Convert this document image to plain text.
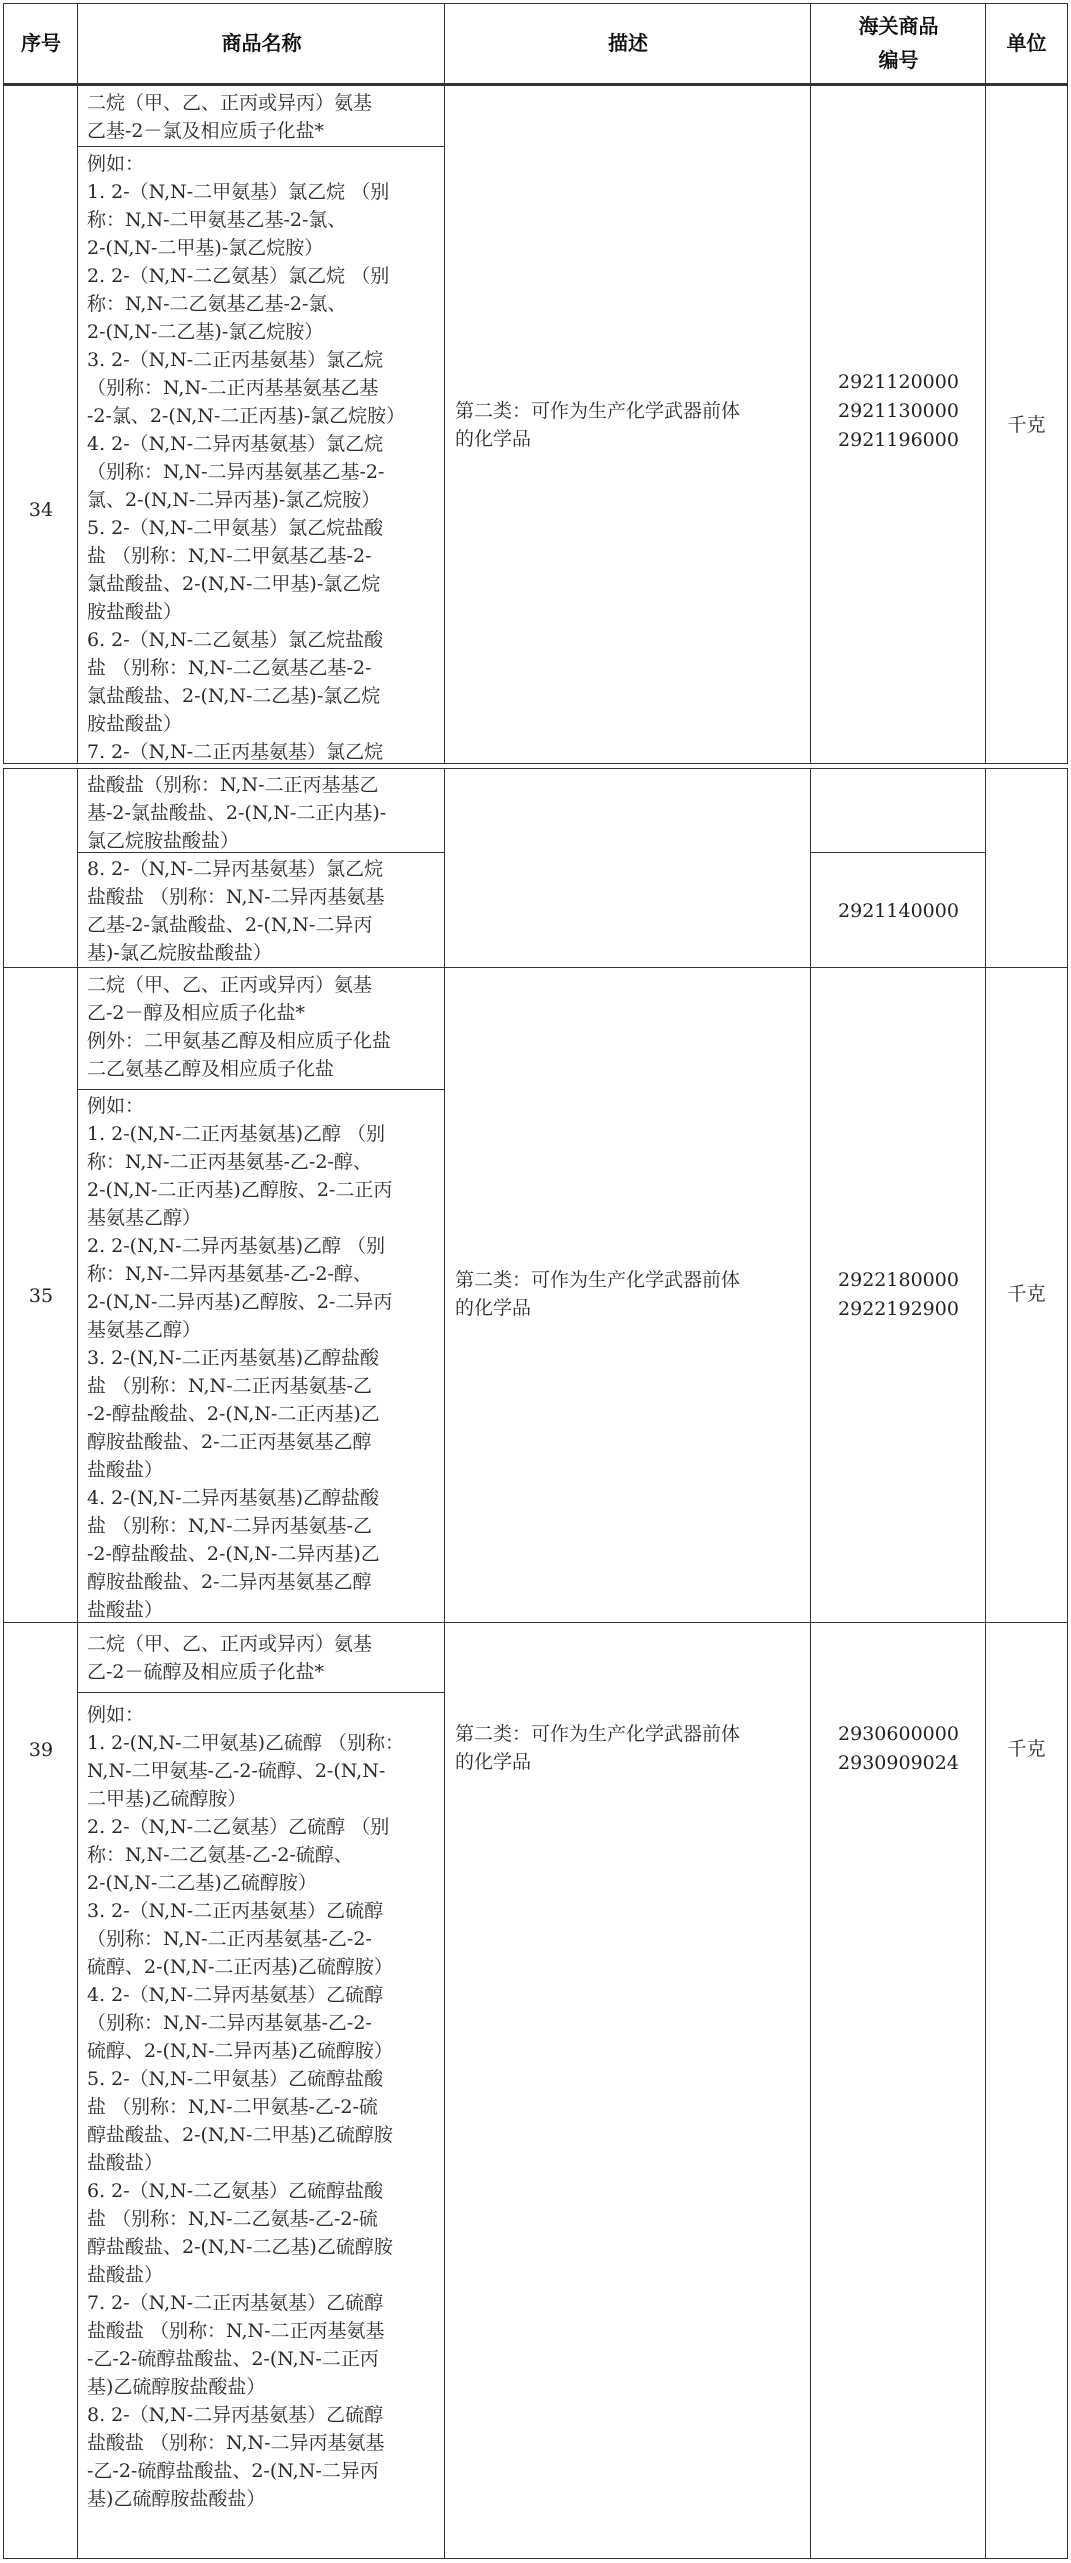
序号	商品名称	描述
海关商品
编号
单位
34
二烷（甲、乙、正丙或异丙）氨基
乙基-2－氯及相应质子化盐*
例如：
1. 2-（N,N-二甲氨基）氯乙烷 （别
称：N,N-二甲氨基乙基-2-氯、
2-(N,N-二甲基)-氯乙烷胺）
2. 2-（N,N-二乙氨基）氯乙烷 （别
称：N,N-二乙氨基乙基-2-氯、
2-(N,N-二乙基)-氯乙烷胺）
3. 2-（N,N-二正丙基氨基）氯乙烷
（别称：N,N-二正丙基基氨基乙基
-2-氯、2-(N,N-二正丙基)-氯乙烷胺）
4. 2-（N,N-二异丙基氨基）氯乙烷
（别称：N,N-二异丙基氨基乙基-2-
氯、2-(N,N-二异丙基)-氯乙烷胺）
5. 2-（N,N-二甲氨基）氯乙烷盐酸
盐 （别称：N,N-二甲氨基乙基-2-
氯盐酸盐、2-(N,N-二甲基)-氯乙烷
胺盐酸盐）
6. 2-（N,N-二乙氨基）氯乙烷盐酸
盐 （别称：N,N-二乙氨基乙基-2-
氯盐酸盐、2-(N,N-二乙基)-氯乙烷
胺盐酸盐）
7. 2-（N,N-二正丙基氨基）氯乙烷
第二类：可作为生产化学武器前体
的化学品
2921120000
2921130000
2921196000
千克
盐酸盐（别称：N,N-二正丙基基乙
基-2-氯盐酸盐、2-(N,N-二正内基)-
氯乙烷胺盐酸盐）
8. 2-（N,N-二异丙基氨基）氯乙烷
盐酸盐 （别称：N,N-二异丙基氨基
乙基-2-氯盐酸盐、2-(N,N-二异丙
基)-氯乙烷胺盐酸盐）
2921140000
35
二烷（甲、乙、正丙或异丙）氨基
乙-2－醇及相应质子化盐*
例外：二甲氨基乙醇及相应质子化盐
二乙氨基乙醇及相应质子化盐
例如：
1. 2-(N,N-二正丙基氨基)乙醇 （别
称：N,N-二正丙基氨基-乙-2-醇、
2-(N,N-二正丙基)乙醇胺、2-二正丙
基氨基乙醇）
2. 2-(N,N-二异丙基氨基)乙醇 （别
称：N,N-二异丙基氨基-乙-2-醇、
2-(N,N-二异丙基)乙醇胺、2-二异丙
基氨基乙醇）
3. 2-(N,N-二正丙基氨基)乙醇盐酸
盐 （别称：N,N-二正丙基氨基-乙
-2-醇盐酸盐、2-(N,N-二正丙基)乙
醇胺盐酸盐、2-二正丙基氨基乙醇
盐酸盐）
4. 2-(N,N-二异丙基氨基)乙醇盐酸
盐 （别称：N,N-二异丙基氨基-乙
-2-醇盐酸盐、2-(N,N-二异丙基)乙
醇胺盐酸盐、2-二异丙基氨基乙醇
盐酸盐）
第二类：可作为生产化学武器前体
的化学品
2922180000
2922192900
千克
39
二烷（甲、乙、正丙或异丙）氨基
乙-2－硫醇及相应质子化盐*
例如：
1. 2-(N,N-二甲氨基)乙硫醇 （别称：
N,N-二甲氨基-乙-2-硫醇、2-(N,N-
二甲基)乙硫醇胺）
2. 2-（N,N-二乙氨基）乙硫醇 （别
称：N,N-二乙氨基-乙-2-硫醇、
2-(N,N-二乙基)乙硫醇胺）
3. 2-（N,N-二正丙基氨基）乙硫醇
（别称：N,N-二正丙基氨基-乙-2-
硫醇、2-(N,N-二正丙基)乙硫醇胺）
4. 2-（N,N-二异丙基氨基）乙硫醇
（别称：N,N-二异丙基氨基-乙-2-
硫醇、2-(N,N-二异丙基)乙硫醇胺）
5. 2-（N,N-二甲氨基）乙硫醇盐酸
盐 （别称：N,N-二甲氨基-乙-2-硫
醇盐酸盐、2-(N,N-二甲基)乙硫醇胺
盐酸盐）
6. 2-（N,N-二乙氨基）乙硫醇盐酸
盐 （别称：N,N-二乙氨基-乙-2-硫
醇盐酸盐、2-(N,N-二乙基)乙硫醇胺
盐酸盐）
7. 2-（N,N-二正丙基氨基）乙硫醇
盐酸盐 （别称：N,N-二正丙基氨基
-乙-2-硫醇盐酸盐、2-(N,N-二正丙
基)乙硫醇胺盐酸盐）
8. 2-（N,N-二异丙基氨基）乙硫醇
盐酸盐 （别称：N,N-二异丙基氨基
-乙-2-硫醇盐酸盐、2-(N,N-二异丙
基)乙硫醇胺盐酸盐）
第二类：可作为生产化学武器前体
的化学品
2930600000
2930909024
千克
